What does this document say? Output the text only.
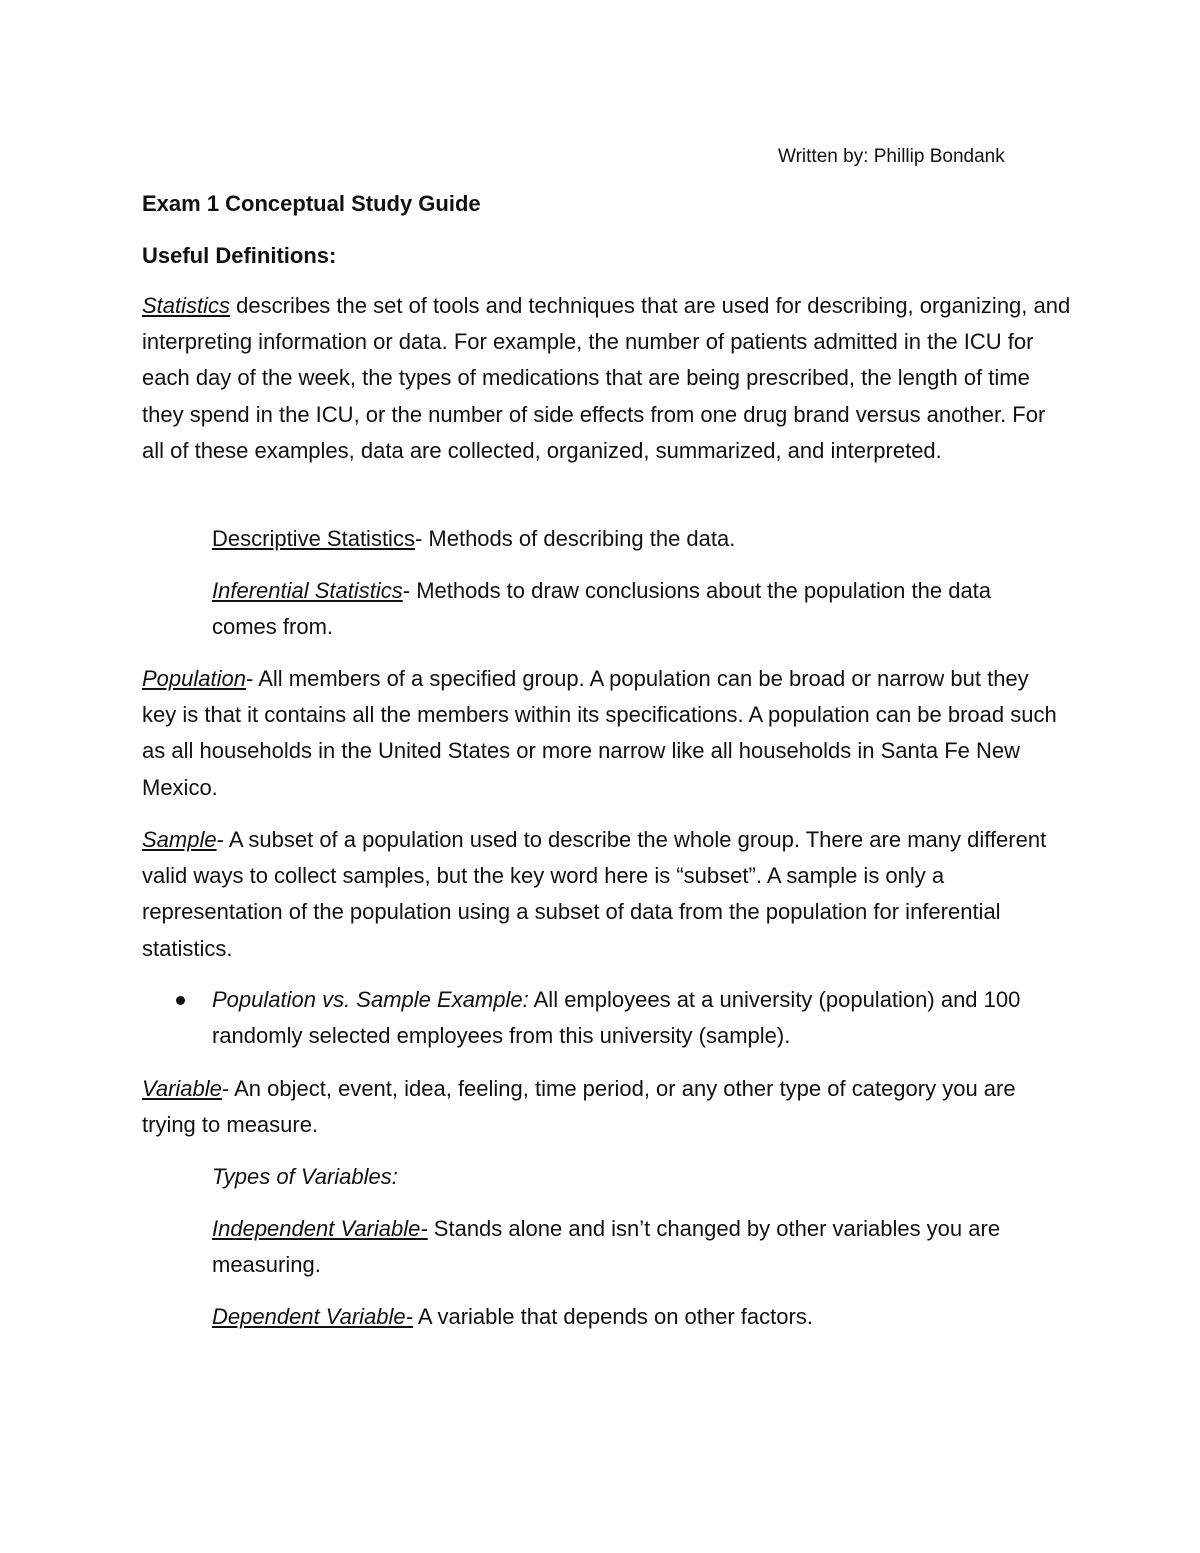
Written by: Phillip Bondank
Exam 1 Conceptual Study Guide
Useful Definitions:

Statistics describes the set of tools and techniques that are used for describing, organizing, and interpreting information or data. For example, the number of patients admitted in the ICU for each day of the week, the types of medications that are being prescribed, the length of time they spend in the ICU, or the number of side effects from one drug brand versus another. For all of these examples, data are collected, organized, summarized, and interpreted.

Descriptive Statistics- Methods of describing the data.

Inferential Statistics- Methods to draw conclusions about the population the data comes from.

Population- All members of a specified group. A population can be broad or narrow but they key is that it contains all the members within its specifications. A population can be broad such as all households in the United States or more narrow like all households in Santa Fe New Mexico.

Sample- A subset of a population used to describe the whole group. There are many different valid ways to collect samples, but the key word here is “subset”. A sample is only a representation of the population using a subset of data from the population for inferential statistics.

Population vs. Sample Example: All employees at a university (population) and 100 randomly selected employees from this university (sample).

Variable- An object, event, idea, feeling, time period, or any other type of category you are trying to measure.

Types of Variables:

Independent Variable- Stands alone and isn’t changed by other variables you are measuring.

Dependent Variable- A variable that depends on other factors.
